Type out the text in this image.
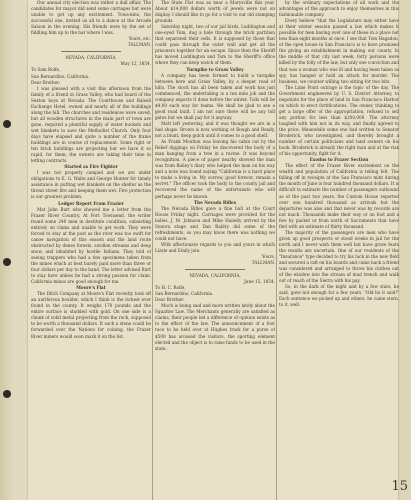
Our annual city election was rather a dull affair. The candidates for mayor did send some carriages but were unable to get up any excitement. Towa-kins, the successful one, invited us all to a dance at the Arcade Saloon in the evening. His friends were by the set of fiddling him up to the bar where I was.

Yours, etc.

TALLMAN.

NEVADA, CALIFORNIA,

May 12, 1854.

To Sam Rolfe,

San Bernardino, California.

Dear Brother:

I was pleased with a visit this afternoon from the family of a friend in Grass Valley, who had heard of the Sexton boys at Nevada. The Courthouse and Balsell Exchange Hotel, owned and nearly all of the buildings along the hill. The churches and residences were saved, but all wooden structures in the main part of town are gone, required a plentiful supply of water buckets and wet blankets to save the Methodist Church. Only four days have elapsed and quite a number of the frame buildings are in course of replacement. Some right or ten brick buildings are projecting but we have it so rapid, for them; the owners are taking their time in letting contracts.

Started as Fire Fighter

I was not properly camped and we are under obligations to E. G. Waite and George Hunter for timely assistance in putting wet blankets on the shelter as the threat street fire and keeping them wet. Fire protection is our greatest problem.

Ledger Report From Frazier

Mat John Burt who showed me a letter from the Frazer River Country. At Fort Townsend, the writer found some 240 men in destitute condition, subsisting entirely on clams and unable to get work. They were forced to stay at the post as the river was too swift for canoe navigation of this season and the land route obstructed by dense forests, swollen streams and deep snow, and inhabited by hostile Indians. They told of seeing trappers who had a few specimens taken from the mines which at best barely paid more than three or four dollars per day to the hand. The letter advised Burt to stay here unless he had a strong passion for claim. California mines are good enough for me.

Moore's Flat

The Ditch Company at Moore's Flat recently took off an auriferous boulder, which I think is the richest ever found in the county. It weighs 170 pounds and the entire surface is studded with gold. On one side is a chunk of solid metal projecting from the rock, supposed to be worth a thousand dollars. It such a stone could be forwarded over the Nations for coining, the Frazer River miners would soon mark it on the list.

The State Flat was as near a Marysville this year. About $14,000 dollars worth of jewels were not on display. I should like to go for a visit to our old stamping grounds.

Saturday night, two of our jail birds, Luddington and one-eyed Tom, dug a hole through the brick partition that separated their cells. It is supposed by those that could pass through the outer wall and get all the prisoners together for an escape. Since then the Sheriff has moved Luddington and Tom to the Sheriff's office where they can keep watch of them.

Turnpike to Grass Valley

A company has been formed to build a turnpike between here and Grass Valley, by a deeper road of hills. The stock has all been taken and work has just commenced, the undertaking is a ten mile job and the company expects it done before the winter. Tolls will be $4.00 each way for teams. We shall be glad to see a good road built. I am not sure there will be any toll gates but we shall pay for it anyway.

Matt left yesterday, and it was thought we are in a bad shape. Brown is now working at Rough and Ready, not a blunt, deep gulch until it comes to a good shelf.

As Frank Moulton was leaving his cabin out by the Relief diggings on Friday he discovered the body of a man hanging from a tree in a ravine. It was beyond recognition. A piece of paper nearby showed the man was from Bailey's diary who helped the man on his way and a note was found saying "California is a hard place to make a living in. My sorrow, good forever, remain a secret." The officer took the body to the county jail and recovered the name of the unfortunate who will perhaps never be known.

The Nevada Rifles

The Nevada Rifles gave a fine ball at the Court House Friday night. Carriages were provided for the ladies. J. M. Johnson and Mike Hanelly arrived by the Sonora stage and Dan Baldry did some of the refreshments, so you may know there was nothing we could not have.

With affectionate regards to you and yours in which Lizzie and Emily join.

Yours,

TALLMAN.

NEVADA, CALIFORNIA,

June 15, 1854.

To H. C. Rolfe,

San Bernardino, California.

Dear Brother:

Much is being said and more written lately about the Squatter Law. The Merchants generally are satisfied as claims, their people led a difference of opinion exists as to the effect of the law. The announcement of a foot race to be held over at Hughes track for a purse of $500 has aroused the visitors, the sporting element elected and the object is to raise funds to be used in the state.

by the ordinary expectations of all work and the advantages of the approach to enjoy themselves in this fashionable company.

Every believe "that the Legislature may either have at their winter session passed a law which makes it possible for men having over one of these in a place not less than eight months at once. I see that Tom Hagadon, of the open house in San Francisco is to have promised the giving an establishment in making our county. In the middle of that city last week, forty persons were killed by the folly of the law, but only one conviction and that was a woman who was ill and having been taken as spy, has hanged or hold an attack for murder. The business, we counter willing two sitting for two bits.

The Lime Point outrage is the topic of the day. The Government engineered by U. S. District Attorney, to negotiate for the place of land in San Francisco Harbor on which to erect fortifications. The owner, thinking to get a large offer of the appropriation, refused to sell any portion for less than $200,000. The attorney laughed with him not in its way, and finally agreed to the price. Meanwhile some one had written to Senator Broderick, who investigated, and thereby brought a number of certain politicians and land owners on his hook. Broderick is already the right man and at the risk of his opportunity, fight for it.

Exodus to Frazer Section

The effect of the Frazer River excitement on the wealth and population of California is telling felt. The falling off in receipts at the San Francisco mint during the month of June is four hundred thousand dollars. It is difficult to estimate the number of passengers outbound as of the past two years, the Custom House reported over one hundred thousand as arrivals but the departures was also and that never was by records are not much. Thousands make their way or on foot and a few by packet or from north of Sacramento that have fled with an estimate of thirty thousand.

The majority of the passengers are men who have given up good prospects or stood weeks in jail for the north and I never wish them well but have grave fears the results are uncertain. One of our residents of the "Insurance" type decided to try his luck in the new field and secured a raft on his boards and came back a friend was considered and arranged to throw his clothes out of the window into the stream of mud trench and walk out of reach of the Sierra with his pay.

So, in the dark of the night and by a few stars, he said, gave not enough for a few years. "Old be it said!" Each sentence we picked up and others, he came stern, to it, well.

15
